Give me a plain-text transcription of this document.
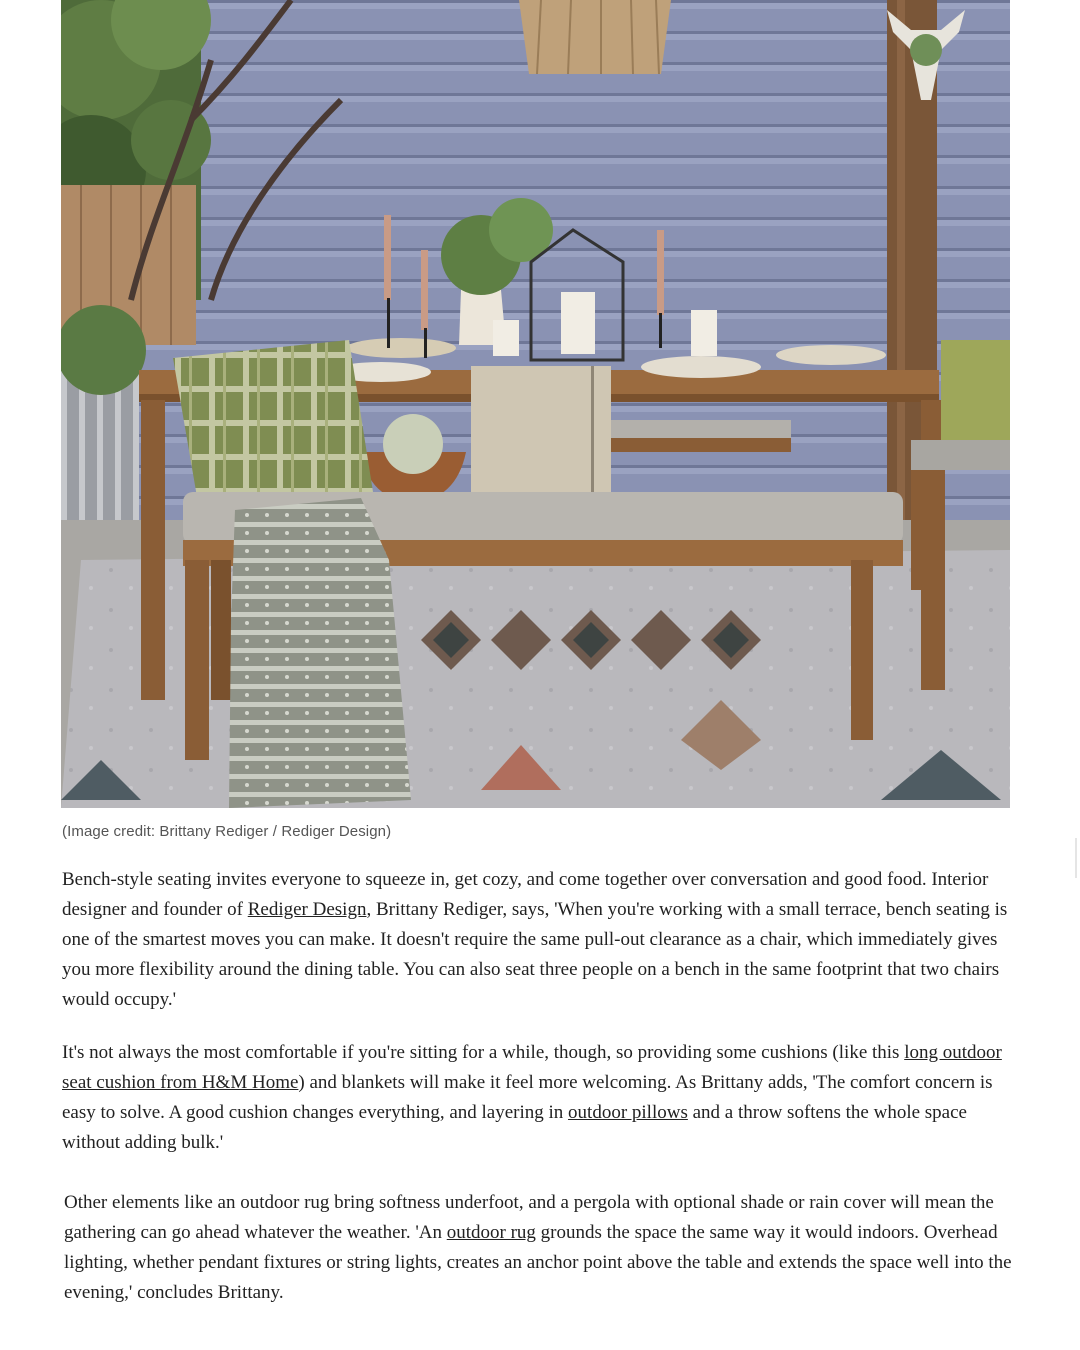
(Image credit: Brittany Rediger / Rediger Design)

Bench-style seating invites everyone to squeeze in, get cozy, and come together over conversation and good food. Interior designer and founder of Rediger Design, Brittany Rediger, says, 'When you're working with a small terrace, bench seating is one of the smartest moves you can make. It doesn't require the same pull-out clearance as a chair, which immediately gives you more flexibility around the dining table. You can also seat three people on a bench in the same footprint that two chairs would occupy.'

It's not always the most comfortable if you're sitting for a while, though, so providing some cushions (like this long outdoor seat cushion from H&M Home) and blankets will make it feel more welcoming. As Brittany adds, 'The comfort concern is easy to solve. A good cushion changes everything, and layering in outdoor pillows and a throw softens the whole space without adding bulk.'

Other elements like an outdoor rug bring softness underfoot, and a pergola with optional shade or rain cover will mean the gathering can go ahead whatever the weather. 'An outdoor rug grounds the space the same way it would indoors. Overhead lighting, whether pendant fixtures or string lights, creates an anchor point above the table and extends the space well into the evening,' concludes Brittany.
